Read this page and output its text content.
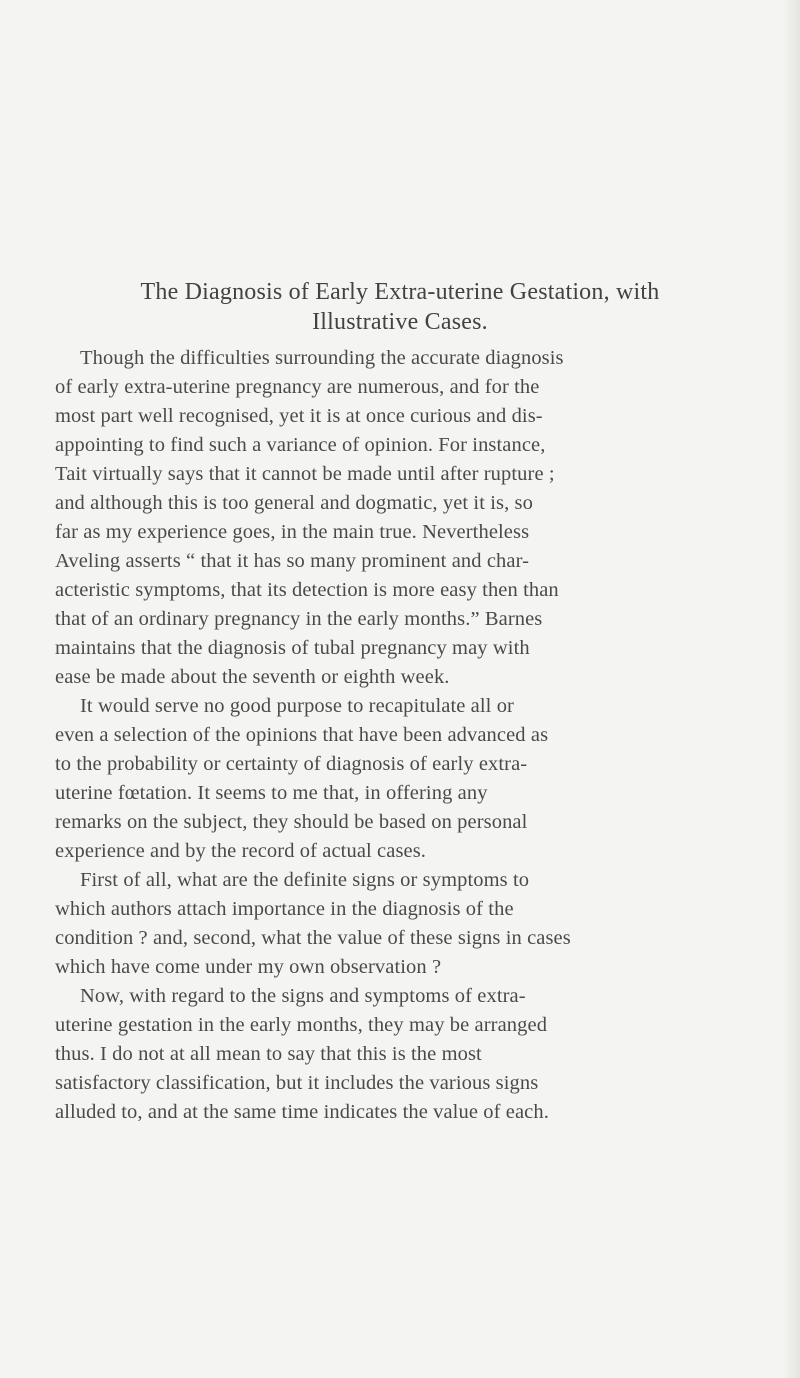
The Diagnosis of Early Extra-uterine Gestation, with
Illustrative Cases.
Though the difficulties surrounding the accurate diagnosis
of early extra-uterine pregnancy are numerous, and for the
most part well recognised, yet it is at once curious and dis-
appointing to find such a variance of opinion. For instance,
Tait virtually says that it cannot be made until after rupture ;
and although this is too general and dogmatic, yet it is, so
far as my experience goes, in the main true. Nevertheless
Aveling asserts “ that it has so many prominent and char-
acteristic symptoms, that its detection is more easy then than
that of an ordinary pregnancy in the early months.” Barnes
maintains that the diagnosis of tubal pregnancy may with
ease be made about the seventh or eighth week.
It would serve no good purpose to recapitulate all or
even a selection of the opinions that have been advanced as
to the probability or certainty of diagnosis of early extra-
uterine fœtation. It seems to me that, in offering any
remarks on the subject, they should be based on personal
experience and by the record of actual cases.
First of all, what are the definite signs or symptoms to
which authors attach importance in the diagnosis of the
condition ? and, second, what the value of these signs in cases
which have come under my own observation ?
Now, with regard to the signs and symptoms of extra-
uterine gestation in the early months, they may be arranged
thus. I do not at all mean to say that this is the most
satisfactory classification, but it includes the various signs
alluded to, and at the same time indicates the value of each.
